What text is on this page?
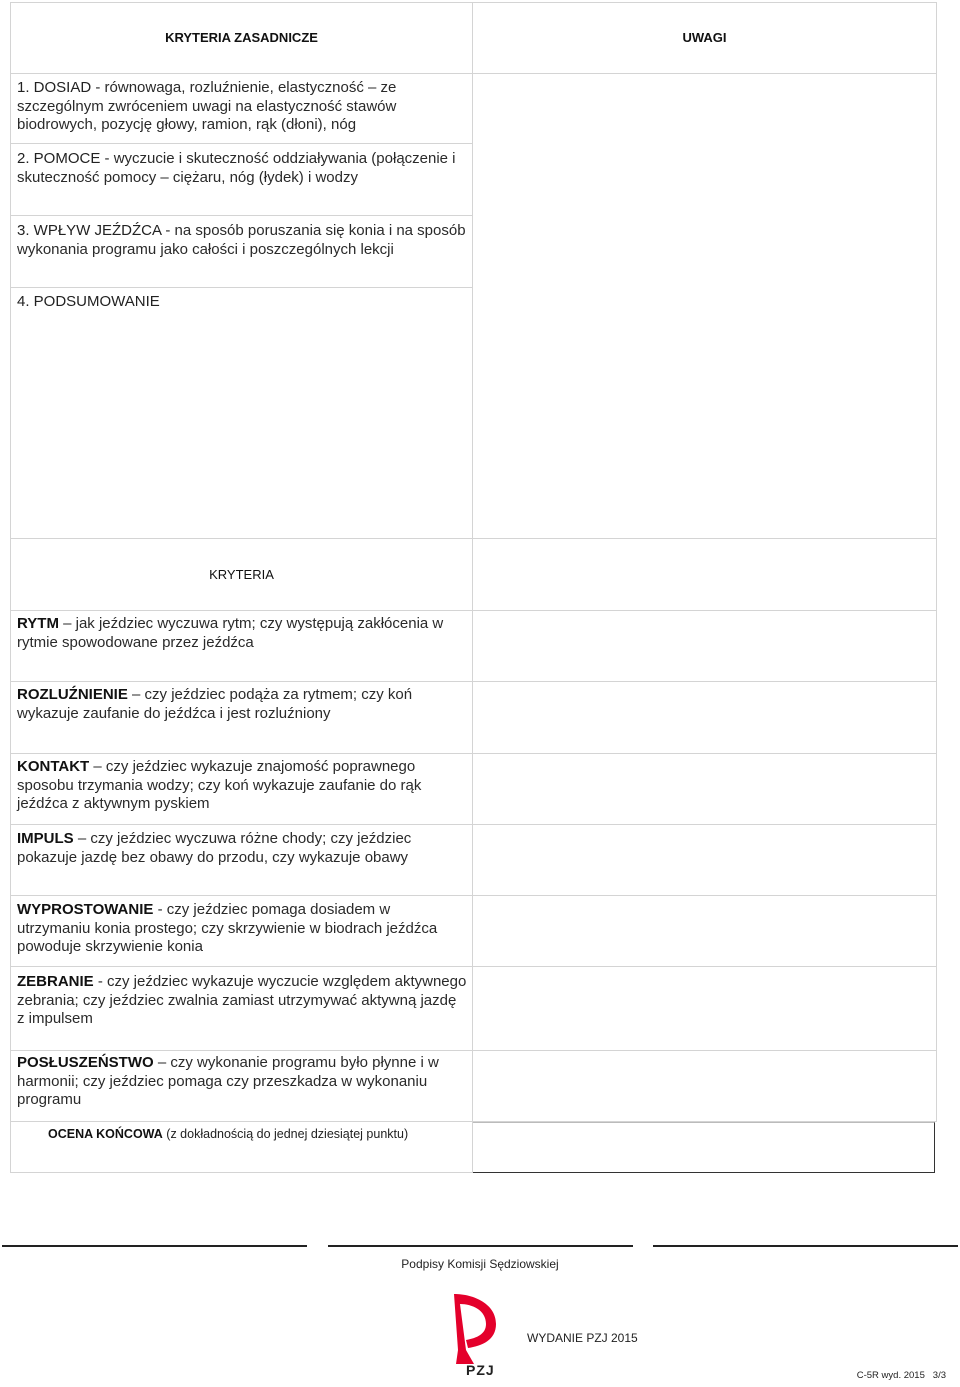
KRYTERIA ZASADNICZE	UWAGI
1. DOSIAD - równowaga, rozluźnienie, elastyczność – ze szczególnym zwróceniem uwagi na elastyczność stawów biodrowych, pozycję głowy, ramion, rąk (dłoni), nóg
2. POMOCE - wyczucie i skuteczność oddziaływania (połączenie i skuteczność pomocy – ciężaru, nóg (łydek) i wodzy
3. WPŁYW JEŹDŹCA - na sposób poruszania się konia i na sposób wykonania programu jako całości i poszczególnych lekcji
4. PODSUMOWANIE
KRYTERIA
RYTM – jak jeździec wyczuwa rytm; czy występują zakłócenia w rytmie spowodowane przez jeźdźca
ROZLUŹNIENIE – czy jeździec podąża za rytmem; czy koń wykazuje zaufanie do jeźdźca i jest rozluźniony
KONTAKT – czy jeździec wykazuje znajomość poprawnego sposobu trzymania wodzy; czy koń wykazuje zaufanie do rąk jeźdźca z aktywnym pyskiem
IMPULS – czy jeździec wyczuwa różne chody; czy jeździec pokazuje jazdę bez obawy do przodu, czy wykazuje obawy
WYPROSTOWANIE - czy jeździec pomaga dosiadem w utrzymaniu konia prostego; czy skrzywienie w biodrach jeźdźca powoduje skrzywienie konia
ZEBRANIE - czy jeździec wykazuje wyczucie względem aktywnego zebrania; czy jeździec zwalnia zamiast utrzymywać aktywną jazdę z impulsem
POSŁUSZEŃSTWO – czy wykonanie programu było płynne i w harmonii; czy jeździec pomaga czy przeszkadza w wykonaniu programu
OCENA KOŃCOWA (z dokładnością do jednej dziesiątej punktu)
Podpisy Komisji Sędziowskiej
PZJ
WYDANIE PZJ 2015
C-5R wyd. 2015   3/3
